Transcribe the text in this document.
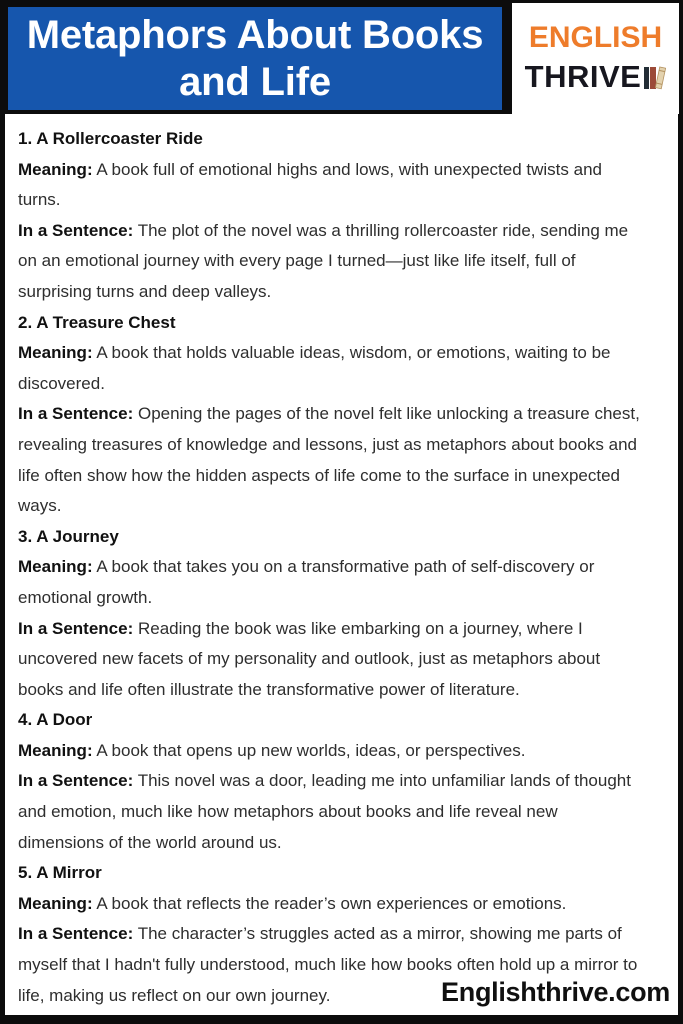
Metaphors About Books and Life
ENGLISH
THRIVE

1. A Rollercoaster Ride

Meaning: A book full of emotional highs and lows, with unexpected twists and turns.

In a Sentence: The plot of the novel was a thrilling rollercoaster ride, sending me on an emotional journey with every page I turned—just like life itself, full of surprising turns and deep valleys.

2. A Treasure Chest

Meaning: A book that holds valuable ideas, wisdom, or emotions, waiting to be discovered.

In a Sentence: Opening the pages of the novel felt like unlocking a treasure chest, revealing treasures of knowledge and lessons, just as metaphors about books and life often show how the hidden aspects of life come to the surface in unexpected ways.

3. A Journey

Meaning: A book that takes you on a transformative path of self-discovery or emotional growth.

In a Sentence: Reading the book was like embarking on a journey, where I uncovered new facets of my personality and outlook, just as metaphors about books and life often illustrate the transformative power of literature.

4. A Door

Meaning: A book that opens up new worlds, ideas, or perspectives.

In a Sentence: This novel was a door, leading me into unfamiliar lands of thought and emotion, much like how metaphors about books and life reveal new dimensions of the world around us.

5. A Mirror

Meaning: A book that reflects the reader’s own experiences or emotions.

In a Sentence: The character’s struggles acted as a mirror, showing me parts of myself that I hadn't fully understood, much like how books often hold up a mirror to life, making us reflect on our own journey.	Englishthrive.com
